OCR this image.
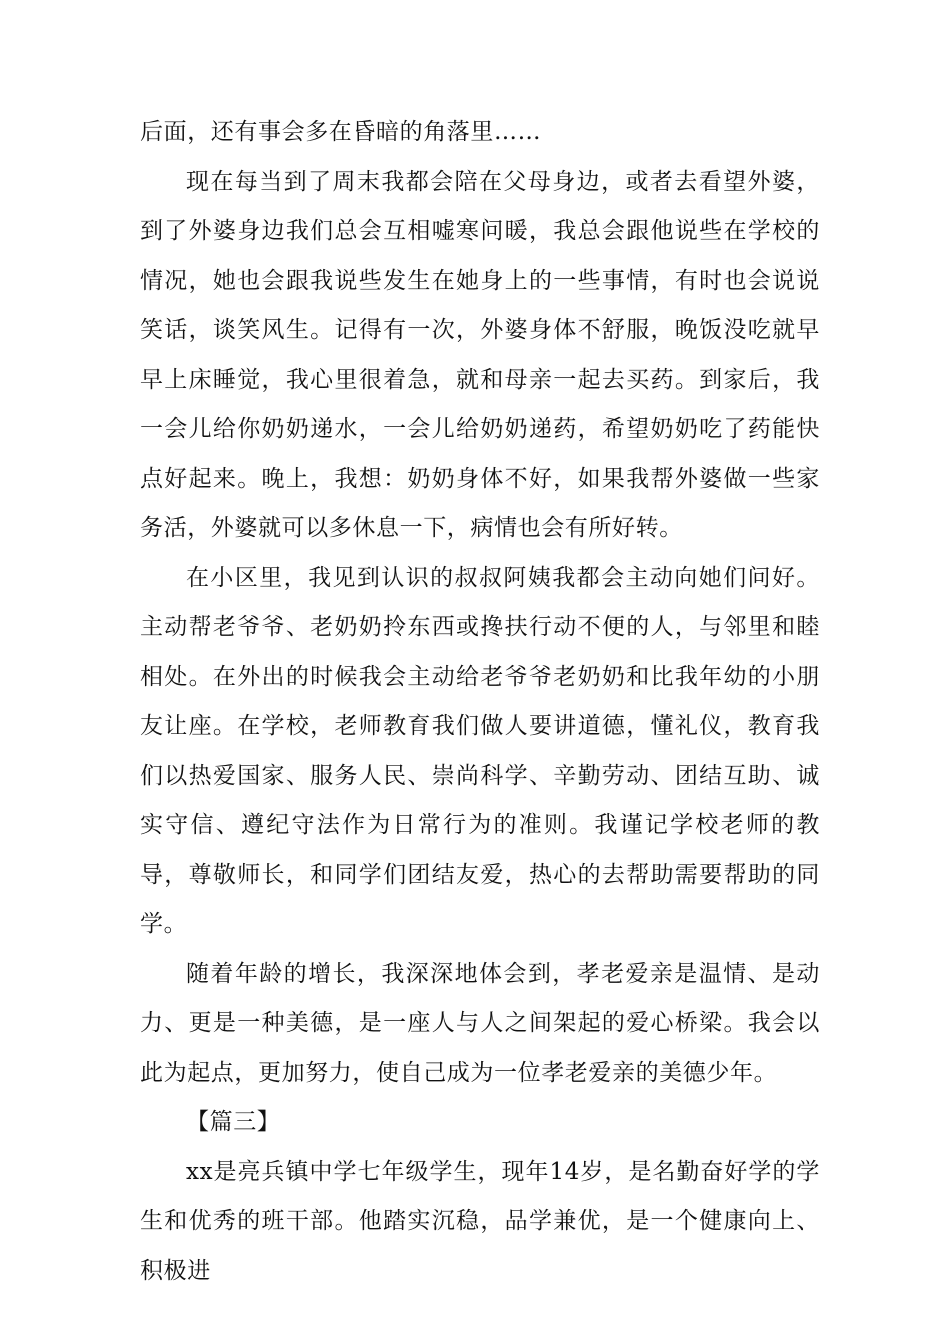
后面，还有事会多在昏暗的角落里……

现在每当到了周末我都会陪在父母身边，或者去看望外婆，到了外婆身边我们总会互相嘘寒问暖，我总会跟他说些在学校的情况，她也会跟我说些发生在她身上的一些事情，有时也会说说笑话，谈笑风生。记得有一次，外婆身体不舒服，晚饭没吃就早早上床睡觉，我心里很着急，就和母亲一起去买药。到家后，我一会儿给你奶奶递水，一会儿给奶奶递药，希望奶奶吃了药能快点好起来。晚上，我想：奶奶身体不好，如果我帮外婆做一些家务活，外婆就可以多休息一下，病情也会有所好转。

在小区里，我见到认识的叔叔阿姨我都会主动向她们问好。主动帮老爷爷、老奶奶拎东西或搀扶行动不便的人，与邻里和睦相处。在外出的时候我会主动给老爷爷老奶奶和比我年幼的小朋友让座。在学校，老师教育我们做人要讲道德，懂礼仪，教育我们以热爱国家、服务人民、崇尚科学、辛勤劳动、团结互助、诚实守信、遵纪守法作为日常行为的准则。我谨记学校老师的教导，尊敬师长，和同学们团结友爱，热心的去帮助需要帮助的同学。

随着年龄的增长，我深深地体会到，孝老爱亲是温情、是动力、更是一种美德，是一座人与人之间架起的爱心桥梁。我会以此为起点，更加努力，使自己成为一位孝老爱亲的美德少年。

【篇三】

xx是亮兵镇中学七年级学生，现年14岁，是名勤奋好学的学生和优秀的班干部。他踏实沉稳，品学兼优，是一个健康向上、积极进
